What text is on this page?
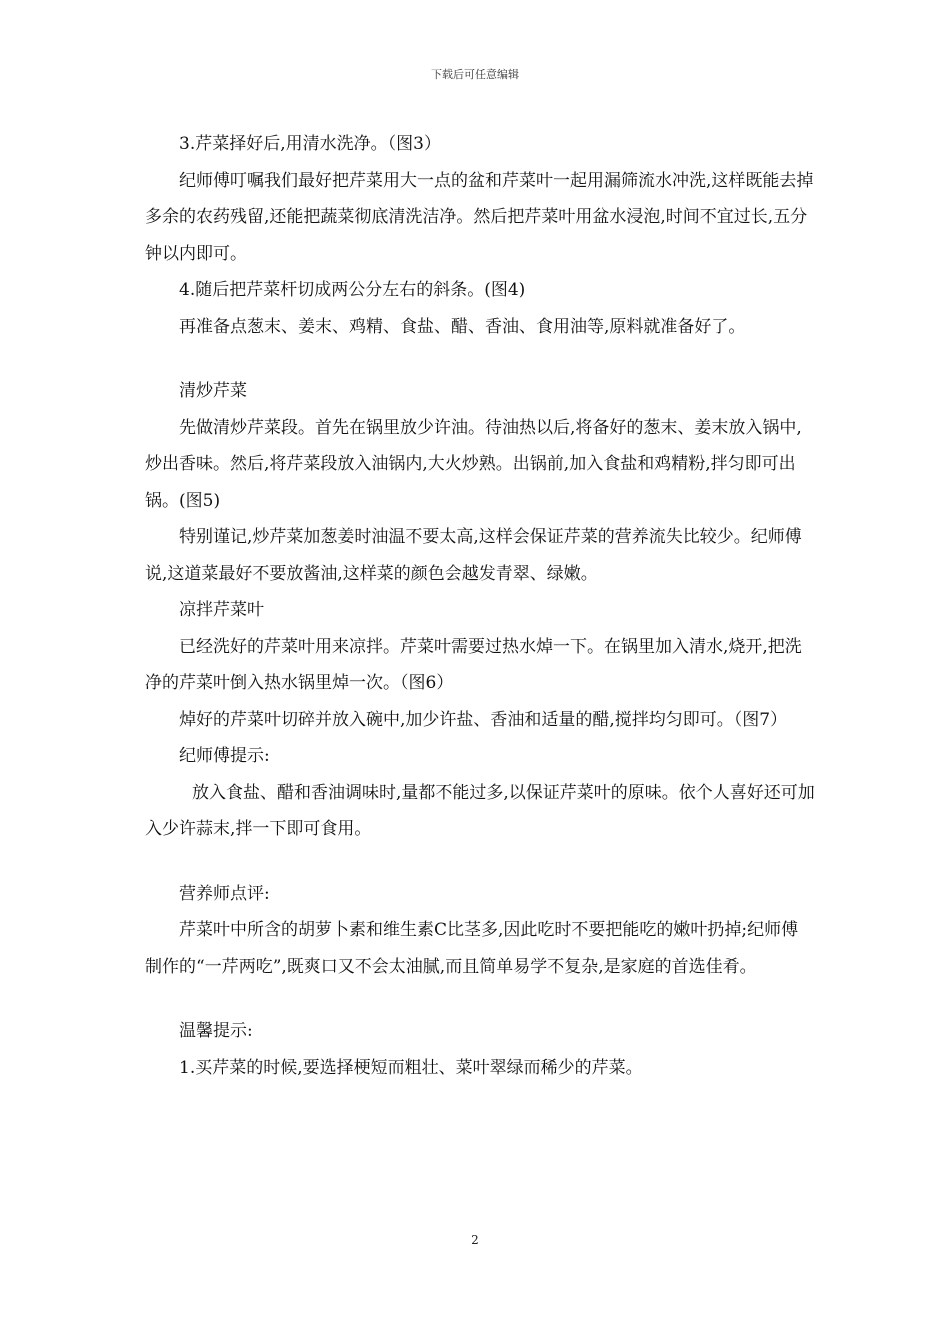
下载后可任意编辑

3.芹菜择好后,用清水洗净。（图3）

纪师傅叮嘱我们最好把芹菜用大一点的盆和芹菜叶一起用漏筛流水冲洗,这样既能去掉多余的农药残留,还能把蔬菜彻底清洗洁净。然后把芹菜叶用盆水浸泡,时间不宜过长,五分钟以内即可。

4.随后把芹菜杆切成两公分左右的斜条。(图4)

再准备点葱末、姜末、鸡精、食盐、醋、香油、食用油等,原料就准备好了。

清炒芹菜

先做清炒芹菜段。首先在锅里放少许油。待油热以后,将备好的葱末、姜末放入锅中,炒出香味。然后,将芹菜段放入油锅内,大火炒熟。出锅前,加入食盐和鸡精粉,拌匀即可出锅。(图5)

特别谨记,炒芹菜加葱姜时油温不要太高,这样会保证芹菜的营养流失比较少。纪师傅说,这道菜最好不要放酱油,这样菜的颜色会越发青翠、绿嫩。

凉拌芹菜叶

已经洗好的芹菜叶用来凉拌。芹菜叶需要过热水焯一下。在锅里加入清水,烧开,把洗净的芹菜叶倒入热水锅里焯一次。（图6）

焯好的芹菜叶切碎并放入碗中,加少许盐、香油和适量的醋,搅拌均匀即可。（图7）

纪师傅提示:

放入食盐、醋和香油调味时,量都不能过多,以保证芹菜叶的原味。依个人喜好还可加入少许蒜末,拌一下即可食用。

营养师点评:

芹菜叶中所含的胡萝卜素和维生素C比茎多,因此吃时不要把能吃的嫩叶扔掉;纪师傅制作的“一芹两吃”,既爽口又不会太油腻,而且简单易学不复杂,是家庭的首选佳肴。

温馨提示:

1.买芹菜的时候,要选择梗短而粗壮、菜叶翠绿而稀少的芹菜。

2
